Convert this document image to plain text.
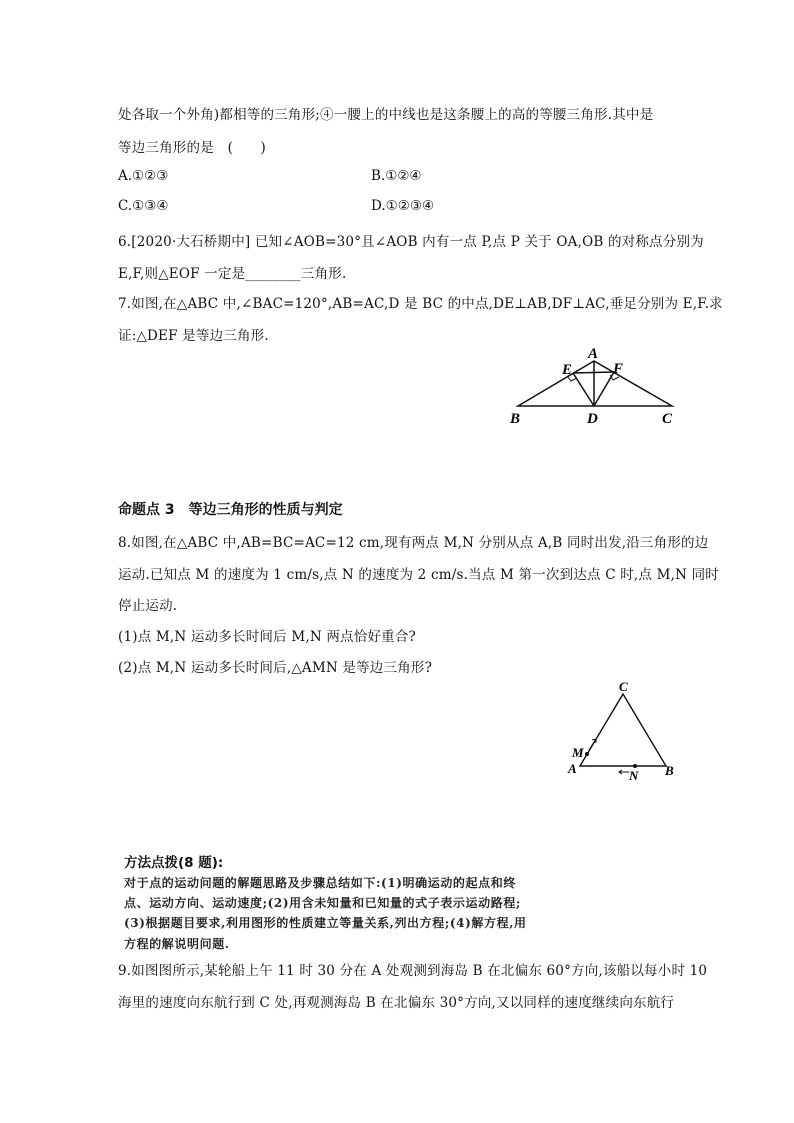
处各取一个外角)都相等的三角形;④一腰上的中线也是这条腰上的高的等腰三角形.其中是
等边三角形的是　(　　)
A.①②③	B.①②④
C.①③④	D.①②③④
6.[2020·大石桥期中] 已知∠AOB=30°且∠AOB 内有一点 P,点 P 关于 OA,OB 的对称点分别为
E,F,则△EOF 一定是________三角形.
7.如图,在△ABC 中,∠BAC=120°,AB=AC,D 是 BC 的中点,DE⊥AB,DF⊥AC,垂足分别为 E,F.求
证:△DEF 是等边三角形.
B	D	C
A
E	F
命题点 3　等边三角形的性质与判定
8.如图,在△ABC 中,AB=BC=AC=12 cm,现有两点 M,N 分别从点 A,B 同时出发,沿三角形的边
运动.已知点 M 的速度为 1 cm/s,点 N 的速度为 2 cm/s.当点 M 第一次到达点 C 时,点 M,N 同时
停止运动.
(1)点 M,N 运动多长时间后 M,N 两点恰好重合?
(2)点 M,N 运动多长时间后,△AMN 是等边三角形?
C
A	B
M
N
方法点拨(8 题):
对于点的运动问题的解题思路及步骤总结如下:(1)明确运动的起点和终
点、运动方向、运动速度;(2)用含未知量和已知量的式子表示运动路程;
(3)根据题目要求,利用图形的性质建立等量关系,列出方程;(4)解方程,用
方程的解说明问题.
9.如图图所示,某轮船上午 11 时 30 分在 A 处观测到海岛 B 在北偏东 60°方向,该船以每小时 10
海里的速度向东航行到 C 处,再观测海岛 B 在北偏东 30°方向,又以同样的速度继续向东航行
